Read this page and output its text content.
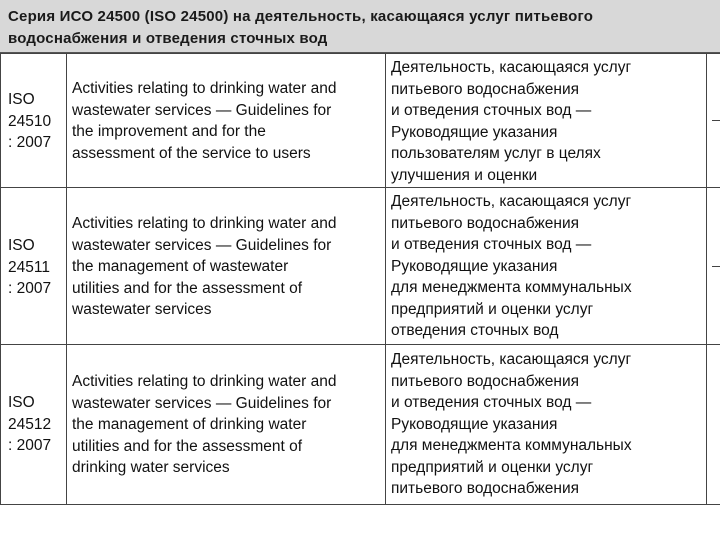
Серия ИСО 24500 (ISO 24500) на деятельность, касающаяся услуг питьевого водоснабжения и отведения сточных вод
ISO
24510
: 2007
Activities relating to drinking water and
wastewater services — Guidelines for
the improvement and for the
assessment of the service to users
Деятельность, касающаяся услуг
питьевого водоснабжения
и отведения сточных вод —
Руководящие указания
пользователям услуг в целях
улучшения и оценки
ISO
24511
: 2007
Activities relating to drinking water and
wastewater services — Guidelines for
the management of wastewater
utilities and for the assessment of
wastewater services
Деятельность, касающаяся услуг
питьевого водоснабжения
и отведения сточных вод —
Руководящие указания
для менеджмента коммунальных
предприятий и оценки услуг
отведения сточных вод
ISO
24512
: 2007
Activities relating to drinking water and
wastewater services — Guidelines for
the management of drinking water
utilities and for the assessment of
drinking water services
Деятельность, касающаяся услуг
питьевого водоснабжения
и отведения сточных вод —
Руководящие указания
для менеджмента коммунальных
предприятий и оценки услуг
питьевого водоснабжения
